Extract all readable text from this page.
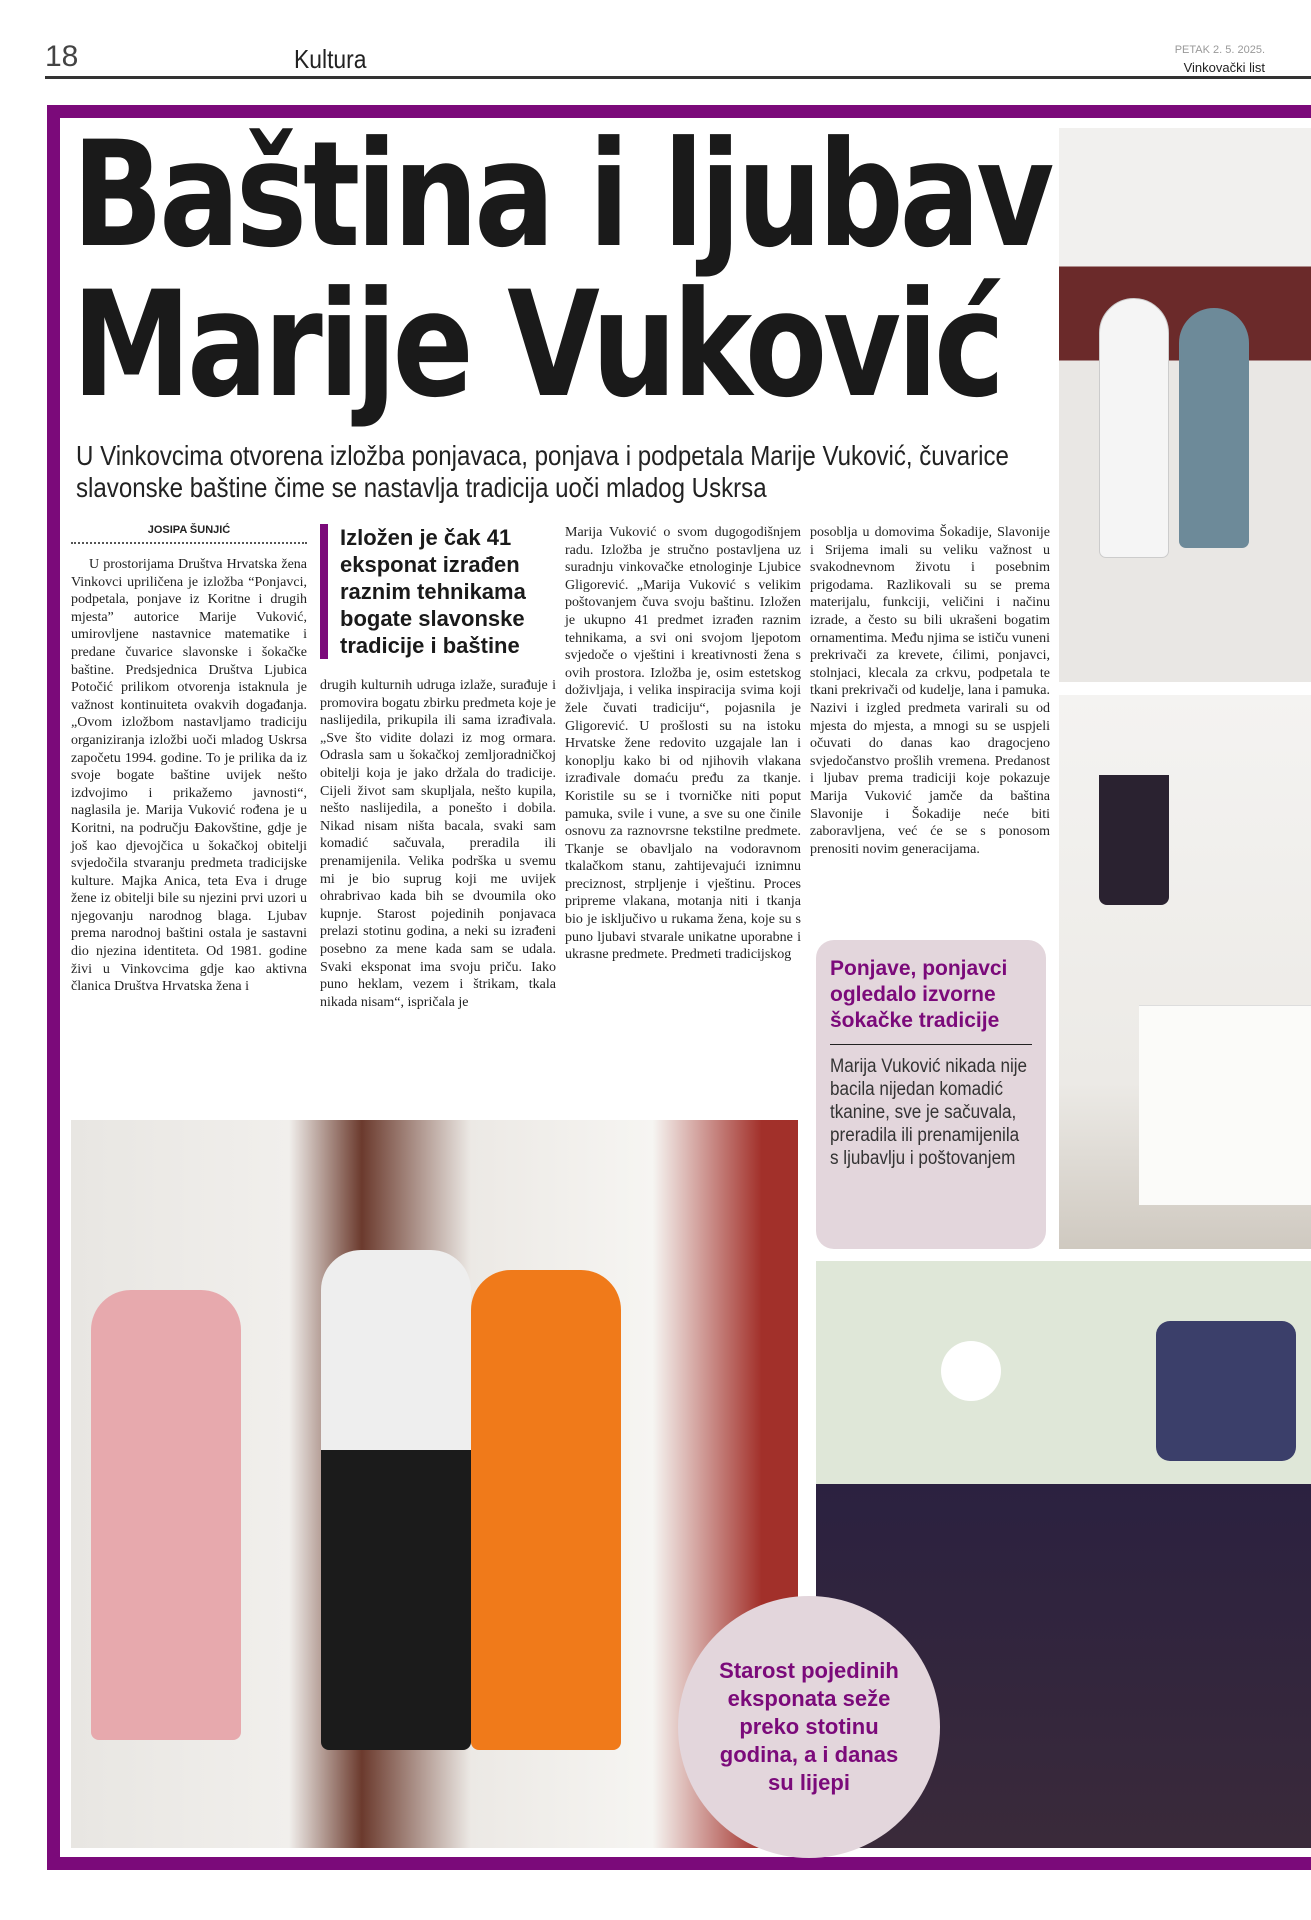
18	Kultura	PETAK 2. 5. 2025.
Vinkovački list
Baština i ljubav
Marije Vuković
U Vinkovcima otvorena izložba ponjavaca, ponjava i podpetala Marije Vuković, čuvarice slavonske baštine čime se nastavlja tradicija uoči mladog Uskrsa
JOSIPA ŠUNJIĆ

U prostorijama Društva Hrvatska žena Vinkovci upriličena je izložba “Ponjavci, podpetala, ponjave iz Koritne i drugih mjesta” autorice Marije Vuković, umirovljene nastavnice matematike i predane čuvarice slavonske i šokačke baštine. Predsjednica Društva Ljubica Potočić prilikom otvorenja istaknula je važnost kontinuiteta ovakvih događanja. „Ovom izložbom nastavljamo tradiciju organiziranja izložbi uoči mladog Uskrsa započetu 1994. godine. To je prilika da iz svoje bogate baštine uvijek nešto izdvojimo i prikažemo javnosti“, naglasila je. Marija Vuković rođena je u Koritni, na području Đakovštine, gdje je još kao djevojčica u šokačkoj obitelji svjedočila stvaranju predmeta tradicijske kulture. Majka Anica, teta Eva i druge žene iz obitelji bile su njezini prvi uzori u njegovanju narodnog blaga. Ljubav prema narodnoj baštini ostala je sastavni dio njezina identiteta. Od 1981. godine živi u Vinkovcima gdje kao aktivna članica Društva Hrvatska žena i

Izložen je čak 41 eksponat izrađen raznim tehnikama bogate slavonske tradicije i baštine

drugih kulturnih udruga izlaže, surađuje i promovira bogatu zbirku predmeta koje je naslijedila, prikupila ili sama izrađivala. „Sve što vidite dolazi iz mog ormara. Odrasla sam u šokačkoj zemljoradničkoj obitelji koja je jako držala do tradicije. Cijeli život sam skupljala, nešto kupila, nešto naslijedila, a ponešto i dobila. Nikad nisam ništa bacala, svaki sam komadić sačuvala, preradila ili prenamijenila. Velika podrška u svemu mi je bio suprug koji me uvijek ohrabrivao kada bih se dvoumila oko kupnje. Starost pojedinih ponjavaca prelazi stotinu godina, a neki su izrađeni posebno za mene kada sam se udala. Svaki eksponat ima svoju priču. Iako puno heklam, vezem i štrikam, tkala nikada nisam“, ispričala je

Marija Vuković o svom dugogodišnjem radu. Izložba je stručno postavljena uz suradnju vinkovačke etnologinje Ljubice Gligorević. „Marija Vuković s velikim poštovanjem čuva svoju baštinu. Izložen je ukupno 41 predmet izrađen raznim tehnikama, a svi oni svojom ljepotom svjedoče o vještini i kreativnosti žena s ovih prostora. Izložba je, osim estetskog doživljaja, i velika inspiracija svima koji žele čuvati tradiciju“, pojasnila je Gligorević. U prošlosti su na istoku Hrvatske žene redovito uzgajale lan i konoplju kako bi od njihovih vlakana izrađivale domaću pređu za tkanje. Koristile su se i tvorničke niti poput pamuka, svile i vune, a sve su one činile osnovu za raznovrsne tekstilne predmete. Tkanje se obavljalo na vodoravnom tkalačkom stanu, zahtijevajući iznimnu preciznost, strpljenje i vještinu. Proces pripreme vlakana, motanja niti i tkanja bio je isključivo u rukama žena, koje su s puno ljubavi stvarale unikatne uporabne i ukrasne predmete. Predmeti tradicijskog

posoblja u domovima Šokadije, Slavonije i Srijema imali su veliku važnost u svakodnevnom životu i posebnim prigodama. Razlikovali su se prema materijalu, funkciji, veličini i načinu izrade, a često su bili ukrašeni bogatim ornamentima. Među njima se ističu vuneni prekrivači za krevete, ćilimi, ponjavci, stolnjaci, klecala za crkvu, podpetala te tkani prekrivači od kudelje, lana i pamuka. Nazivi i izgled predmeta varirali su od mjesta do mjesta, a mnogi su se uspjeli očuvati do danas kao dragocjeno svjedočanstvo prošlih vremena. Predanost i ljubav prema tradiciji koje pokazuje Marija Vuković jamče da baština Slavonije i Šokadije neće biti zaboravljena, već će se s ponosom prenositi novim generacijama.

Ponjave, ponjavci ogledalo izvorne šokačke tradicije
Marija Vuković nikada nije bacila nijedan komadić tkanine, sve je sačuvala, preradila ili prenamijenila s ljubavlju i poštovanjem
Starost pojedinih eksponata seže preko stotinu godina, a i danas su lijepi
